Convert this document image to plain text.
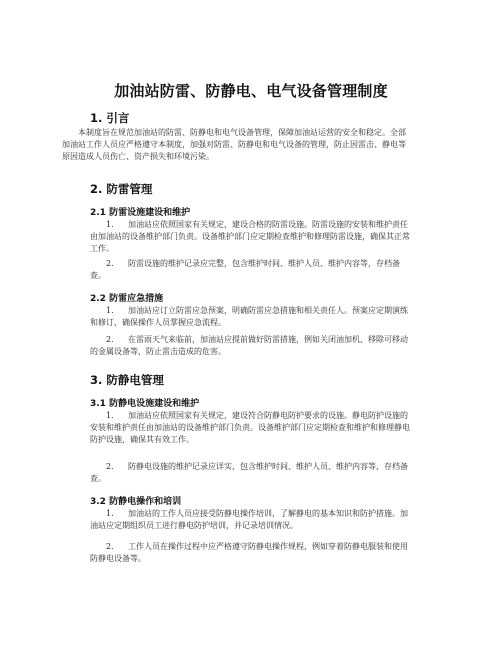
加油站防雷、防静电、电气设备管理制度
1. 引言
本制度旨在规范加油站的防雷、防静电和电气设备管理，保障加油站运营的安全和稳定。全部加油站工作人员应严格遵守本制度，加强对防雷、防静电和电气设备的管理，防止因雷击、静电等原因造成人员伤亡、资产损失和环境污染。
2. 防雷管理
2.1 防雷设施建设和维护
1. 加油站应依照国家有关规定，建设合格的防雷设施。防雷设施的安装和维护责任由加油站的设备维护部门负责。设备维护部门应定期检查维护和修理防雷设施，确保其正常工作。
2. 防雷设施的维护记录应完整，包含维护时间、维护人员、维护内容等，存档备查。
2.2 防雷应急措施
1. 加油站应订立防雷应急预案，明确防雷应急措施和相关责任人。预案应定期演练和修订，确保操作人员掌握应急流程。
2. 在雷雨天气来临前，加油站应提前做好防雷措施，例如关闭油加机、移除可移动的金属设备等，防止雷击造成的危害。
3. 防静电管理
3.1 防静电设施建设和维护
1. 加油站应依照国家有关规定，建设符合防静电防护要求的设施。静电防护设施的安装和维护责任由加油站的设备维护部门负责。设备维护部门应定期检查和维护和修理静电防护设施，确保其有效工作。
2. 防静电设施的维护记录应详实，包含维护时间、维护人员、维护内容等，存档备查。
3.2 防静电操作和培训
1. 加油站的工作人员应接受防静电操作培训，了解静电的基本知识和防护措施。加油站应定期组织员工进行静电防护培训，并记录培训情况。
2. 工作人员在操作过程中应严格遵守防静电操作规程，例如穿着防静电服装和使用防静电设备等。
